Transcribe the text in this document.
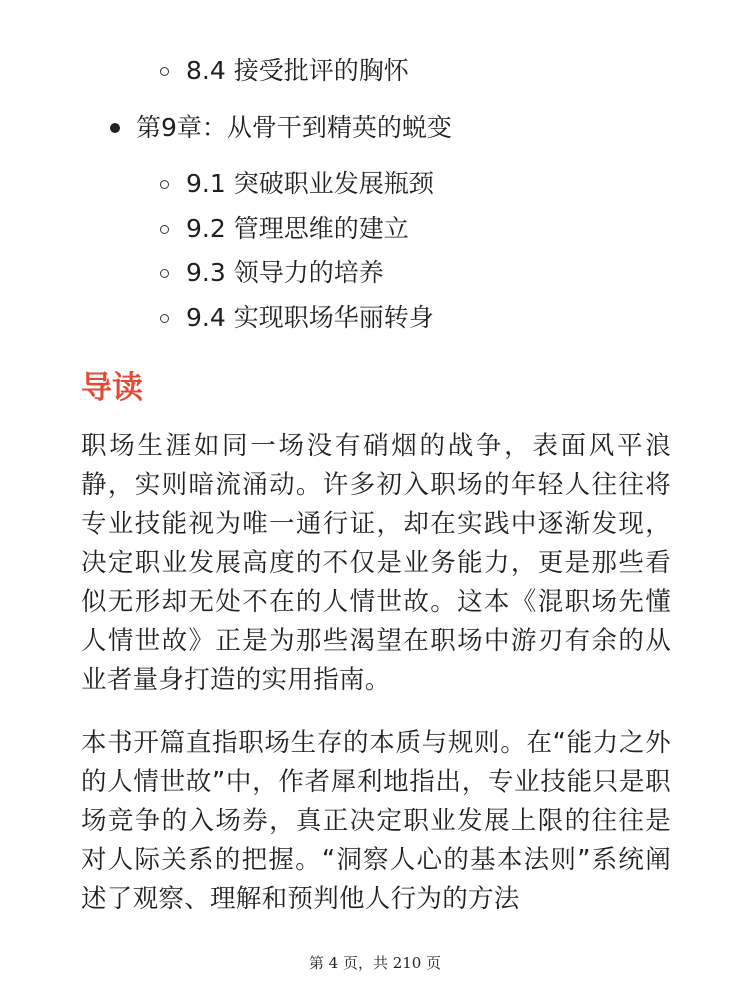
8.4 接受批评的胸怀
第9章：从骨干到精英的蜕变
9.1 突破职业发展瓶颈
9.2 管理思维的建立
9.3 领导力的培养
9.4 实现职场华丽转身
导读

职场生涯如同一场没有硝烟的战争，表面风平浪静，实则暗流涌动。许多初入职场的年轻人往往将专业技能视为唯一通行证，却在实践中逐渐发现，决定职业发展高度的不仅是业务能力，更是那些看似无形却无处不在的人情世故。这本《混职场先懂人情世故》正是为那些渴望在职场中游刃有余的从业者量身打造的实用指南。

本书开篇直指职场生存的本质与规则。在“能力之外的人情世故”中，作者犀利地指出，专业技能只是职场竞争的入场券，真正决定职业发展上限的往往是对人际关系的把握。“洞察人心的基本法则”系统阐述了观察、理解和预判他人行为的方法

第 4 页，共 210 页
